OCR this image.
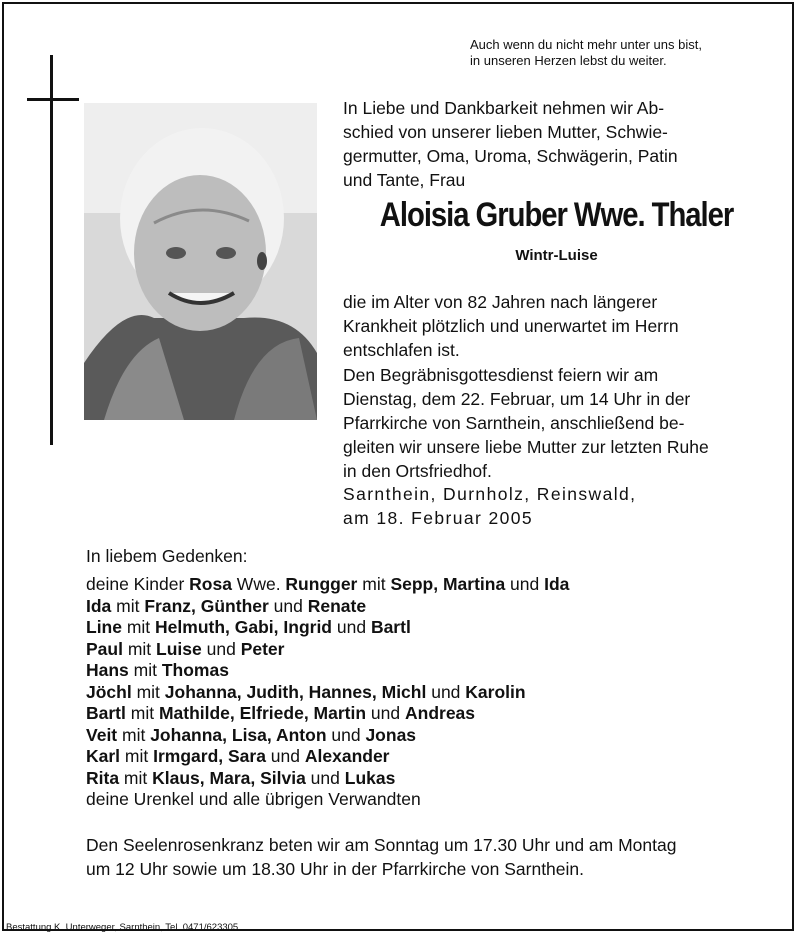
Auch wenn du nicht mehr unter uns bist,
in unseren Herzen lebst du weiter.
In Liebe und Dankbarkeit nehmen wir Ab-
schied von unserer lieben Mutter, Schwie-
germutter, Oma, Uroma, Schwägerin, Patin
und Tante, Frau
Aloisia Gruber Wwe. Thaler
Wintr-Luise
die im Alter von 82 Jahren nach längerer
Krankheit plötzlich und unerwartet im Herrn
entschlafen ist.
Den Begräbnisgottesdienst feiern wir am
Dienstag, dem 22. Februar, um 14 Uhr in der
Pfarrkirche von Sarnthein, anschließend be-
gleiten wir unsere liebe Mutter zur letzten Ruhe
in den Ortsfriedhof.
Sarnthein, Durnholz, Reinswald,
am 18. Februar 2005
In liebem Gedenken:
deine Kinder Rosa Wwe. Rungger mit Sepp, Martina und Ida
Ida mit Franz, Günther und Renate
Line mit Helmuth, Gabi, Ingrid und Bartl
Paul mit Luise und Peter
Hans mit Thomas
Jöchl mit Johanna, Judith, Hannes, Michl und Karolin
Bartl mit Mathilde, Elfriede, Martin und Andreas
Veit mit Johanna, Lisa, Anton und Jonas
Karl mit Irmgard, Sara und Alexander
Rita mit Klaus, Mara, Silvia und Lukas
deine Urenkel und alle übrigen Verwandten
Den Seelenrosenkranz beten wir am Sonntag um 17.30 Uhr und am Montag
um 12 Uhr sowie um 18.30 Uhr in der Pfarrkirche von Sarnthein.
Bestattung K. Unterweger, Sarnthein, Tel. 0471/623305
